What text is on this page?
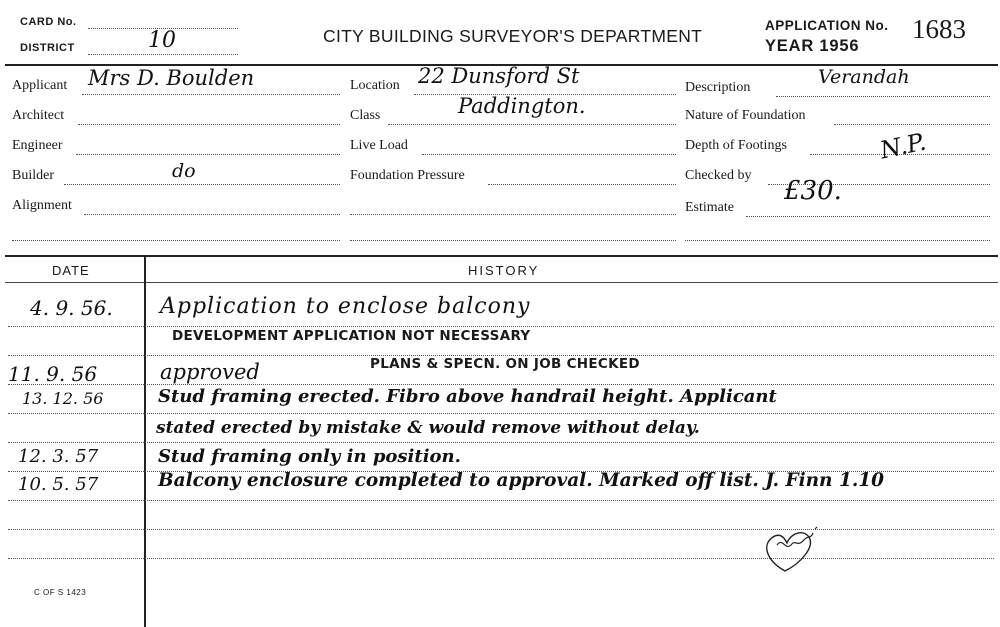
CARD No.
DISTRICT	10	CITY BUILDING SURVEYOR'S DEPARTMENT
APPLICATION No. 1683
YEAR 1956
Applicant Mrs D. Boulden
Architect
Engineer
Builder	do
Alignment
Location 22 Dunsford St
Class	Paddington.
Live Load
Foundation Pressure
Description	Verandah
Nature of Foundation
Depth of Footings	N.P.
Checked by
Estimate
£30.
DATE	HISTORY
4. 9. 56. Application to enclose balcony
DEVELOPMENT APPLICATION NOT NECESSARY
11. 9. 56	approved	PLANS & SPECN. ON JOB CHECKED
13. 12. 56	Stud framing erected. Fibro above handrail height. Applicant
stated erected by mistake & would remove without delay.
12. 3. 57	Stud framing only in position.
10. 5. 57	Balcony enclosure completed to approval. Marked off list. J. Finn 1.10
C OF S 1423
